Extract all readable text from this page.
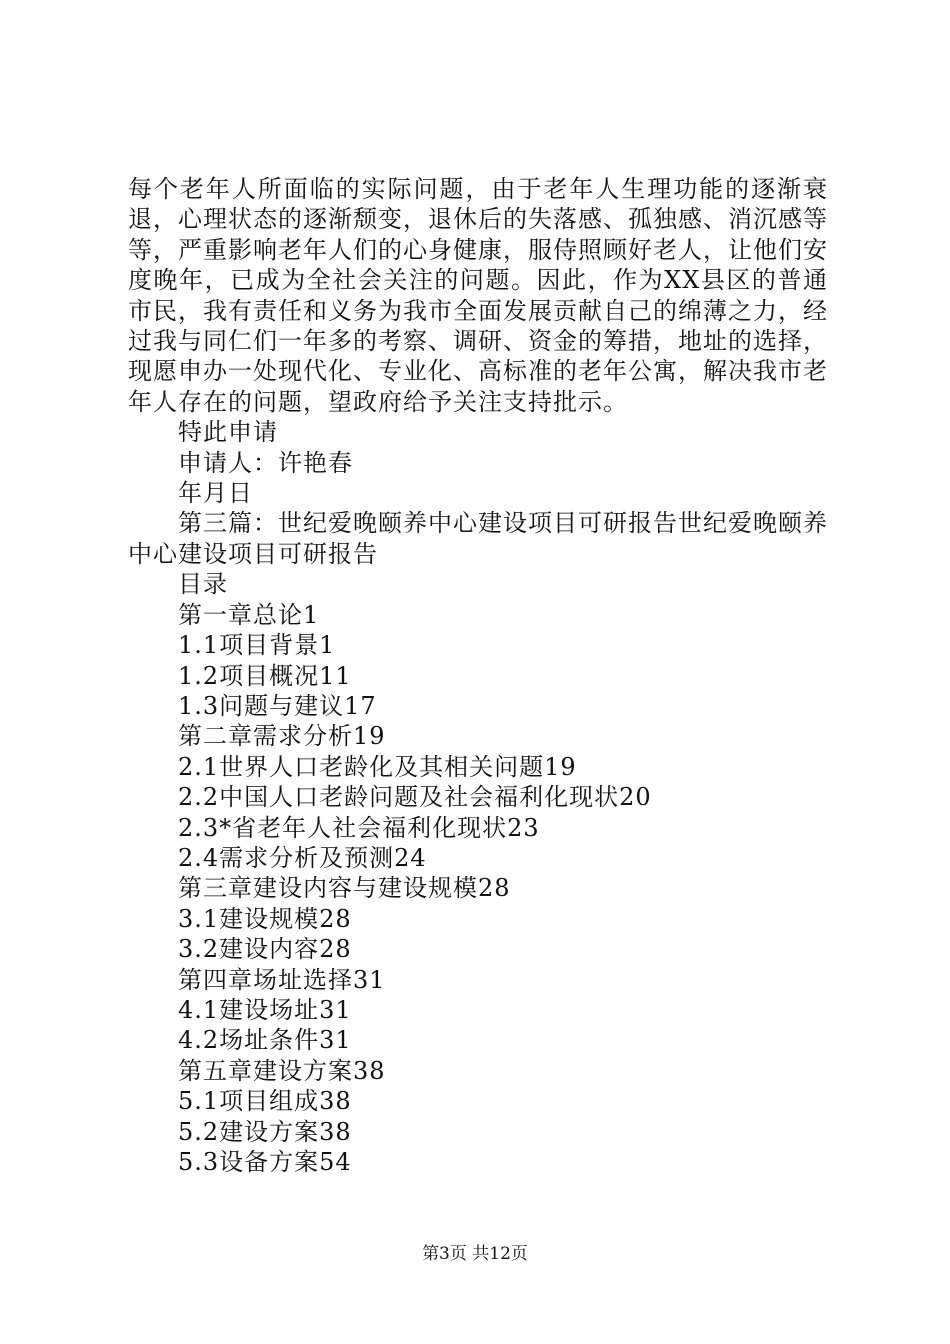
每个老年人所面临的实际问题，由于老年人生理功能的逐渐衰退，心理状态的逐渐颓变，退休后的失落感、孤独感、消沉感等等，严重影响老年人们的心身健康，服侍照顾好老人，让他们安度晚年，已成为全社会关注的问题。因此，作为XX县区的普通市民，我有责任和义务为我市全面发展贡献自己的绵薄之力，经过我与同仁们一年多的考察、调研、资金的筹措，地址的选择，现愿申办一处现代化、专业化、高标准的老年公寓，解决我市老年人存在的问题，望政府给予关注支持批示。

特此申请

申请人：许艳春

年月日

第三篇：世纪爱晚颐养中心建设项目可研报告世纪爱晚颐养中心建设项目可研报告

目录

第一章总论1

1.1项目背景1

1.2项目概况11

1.3问题与建议17

第二章需求分析19

2.1世界人口老龄化及其相关问题19

2.2中国人口老龄问题及社会福利化现状20

2.3*省老年人社会福利化现状23

2.4需求分析及预测24

第三章建设内容与建设规模28

3.1建设规模28

3.2建设内容28

第四章场址选择31

4.1建设场址31

4.2场址条件31

第五章建设方案38

5.1项目组成38

5.2建设方案38

5.3设备方案54

第3页 共12页
